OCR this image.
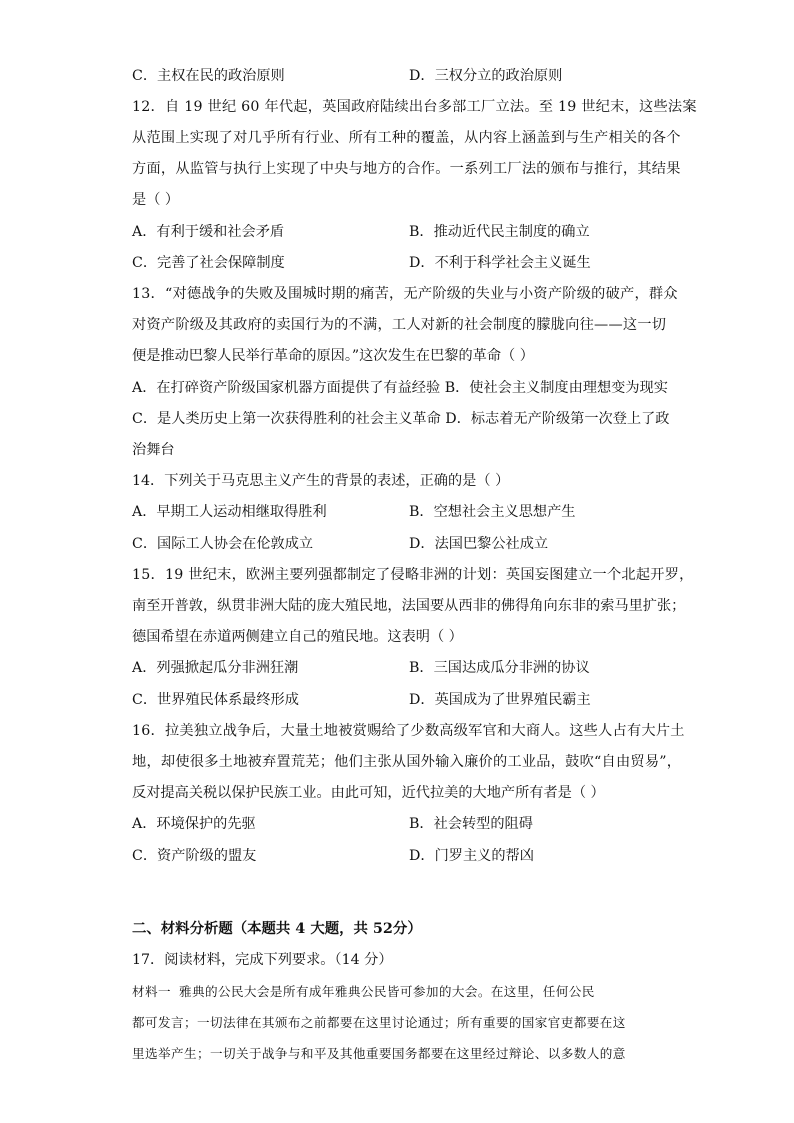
C．主权在民的政治原则	D．三权分立的政治原则
12．自 19 世纪 60 年代起，英国政府陆续出台多部工厂立法。至 19 世纪末，这些法案
从范围上实现了对几乎所有行业、所有工种的覆盖，从内容上涵盖到与生产相关的各个
方面，从监管与执行上实现了中央与地方的合作。一系列工厂法的颁布与推行，其结果
是（ ）
A．有利于缓和社会矛盾	B．推动近代民主制度的确立
C．完善了社会保障制度	D．不利于科学社会主义诞生
13．“对德战争的失败及围城时期的痛苦，无产阶级的失业与小资产阶级的破产，群众
对资产阶级及其政府的卖国行为的不满，工人对新的社会制度的朦胧向往——这一切
便是推动巴黎人民举行革命的原因。”这次发生在巴黎的革命（ ）
A．在打碎资产阶级国家机器方面提供了有益经验 B．使社会主义制度由理想变为现实
C．是人类历史上第一次获得胜利的社会主义革命 D．标志着无产阶级第一次登上了政
治舞台
14．下列关于马克思主义产生的背景的表述，正确的是（ ）
A．早期工人运动相继取得胜利	B．空想社会主义思想产生
C．国际工人协会在伦敦成立	D．法国巴黎公社成立
15．19 世纪末，欧洲主要列强都制定了侵略非洲的计划：英国妄图建立一个北起开罗，
南至开普敦，纵贯非洲大陆的庞大殖民地，法国要从西非的佛得角向东非的索马里扩张；
德国希望在赤道两侧建立自己的殖民地。这表明（ ）
A．列强掀起瓜分非洲狂潮	B．三国达成瓜分非洲的协议
C．世界殖民体系最终形成	D．英国成为了世界殖民霸主
16．拉美独立战争后，大量土地被赏赐给了少数高级军官和大商人。这些人占有大片土
地，却使很多土地被弃置荒芜；他们主张从国外输入廉价的工业品，鼓吹“自由贸易”，
反对提高关税以保护民族工业。由此可知，近代拉美的大地产所有者是（ ）
A．环境保护的先驱	B．社会转型的阻碍
C．资产阶级的盟友	D．门罗主义的帮凶
二、材料分析题（本题共 4 大题，共 52分）
17．阅读材料，完成下列要求。（14 分）
材料一 雅典的公民大会是所有成年雅典公民皆可参加的大会。在这里，任何公民
都可发言；一切法律在其颁布之前都要在这里讨论通过；所有重要的国家官吏都要在这
里选举产生；一切关于战争与和平及其他重要国务都要在这里经过辩论、以多数人的意
